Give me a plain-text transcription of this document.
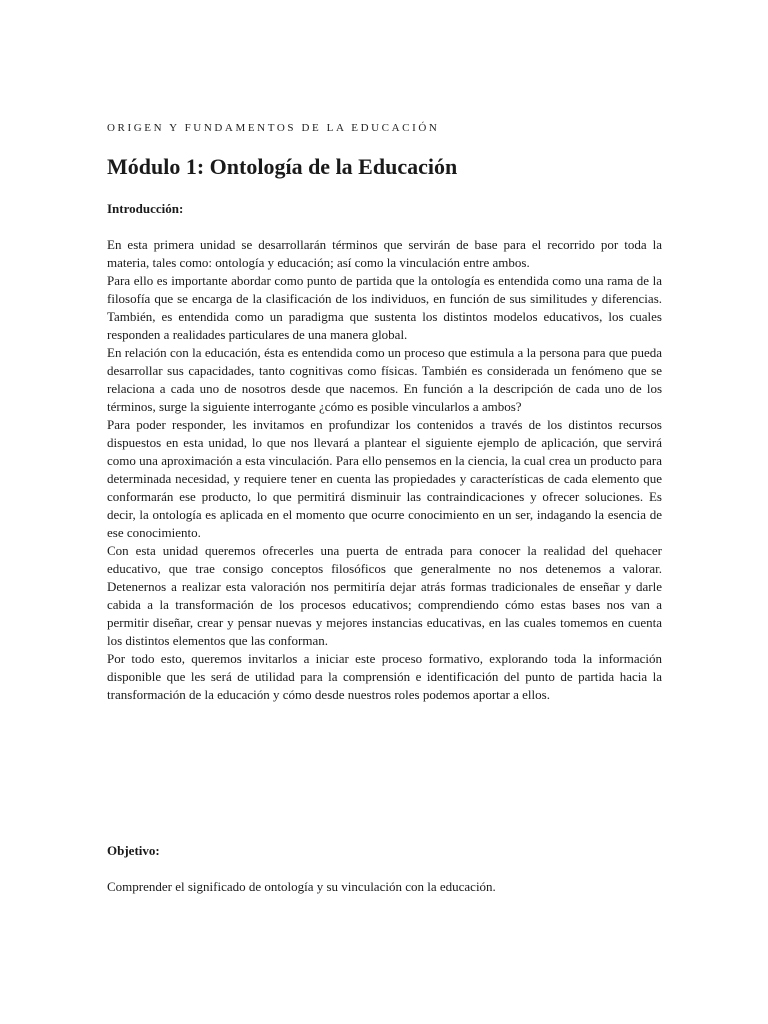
ORIGEN Y FUNDAMENTOS DE LA EDUCACIÓN
Módulo 1: Ontología de la Educación
Introducción:

En esta primera unidad se desarrollarán términos que servirán de base para el recorrido por toda la materia, tales como: ontología y educación; así como la vinculación entre ambos.

Para ello es importante abordar como punto de partida que la ontología es entendida como una rama de la filosofía que se encarga de la clasificación de los individuos, en función de sus similitudes y diferencias. También, es entendida como un paradigma que sustenta los distintos modelos educativos, los cuales responden a realidades particulares de una manera global.

En relación con la educación, ésta es entendida como un proceso que estimula a la persona para que pueda desarrollar sus capacidades, tanto cognitivas como físicas. También es considerada un fenómeno que se relaciona a cada uno de nosotros desde que nacemos. En función a la descripción de cada uno de los términos, surge la siguiente interrogante ¿cómo es posible vincularlos a ambos?

Para poder responder, les invitamos en profundizar los contenidos a través de los distintos recursos dispuestos en esta unidad, lo que nos llevará a plantear el siguiente ejemplo de aplicación, que servirá como una aproximación a esta vinculación. Para ello pensemos en la ciencia, la cual crea un producto para determinada necesidad, y requiere tener en cuenta las propiedades y características de cada elemento que conformarán ese producto, lo que permitirá disminuir las contraindicaciones y ofrecer soluciones. Es decir, la ontología es aplicada en el momento que ocurre conocimiento en un ser, indagando la esencia de ese conocimiento.

Con esta unidad queremos ofrecerles una puerta de entrada para conocer la realidad del quehacer educativo, que trae consigo conceptos filosóficos que generalmente no nos detenemos a valorar. Detenernos a realizar esta valoración nos permitiría dejar atrás formas tradicionales de enseñar y darle cabida a la transformación de los procesos educativos; comprendiendo cómo estas bases nos van a permitir diseñar, crear y pensar nuevas y mejores instancias educativas, en las cuales tomemos en cuenta los distintos elementos que las conforman.

Por todo esto, queremos invitarlos a iniciar este proceso formativo, explorando toda la información disponible que les será de utilidad para la comprensión e identificación del punto de partida hacia la transformación de la educación y cómo desde nuestros roles podemos aportar a ellos.

Objetivo:

Comprender el significado de ontología y su vinculación con la educación.
